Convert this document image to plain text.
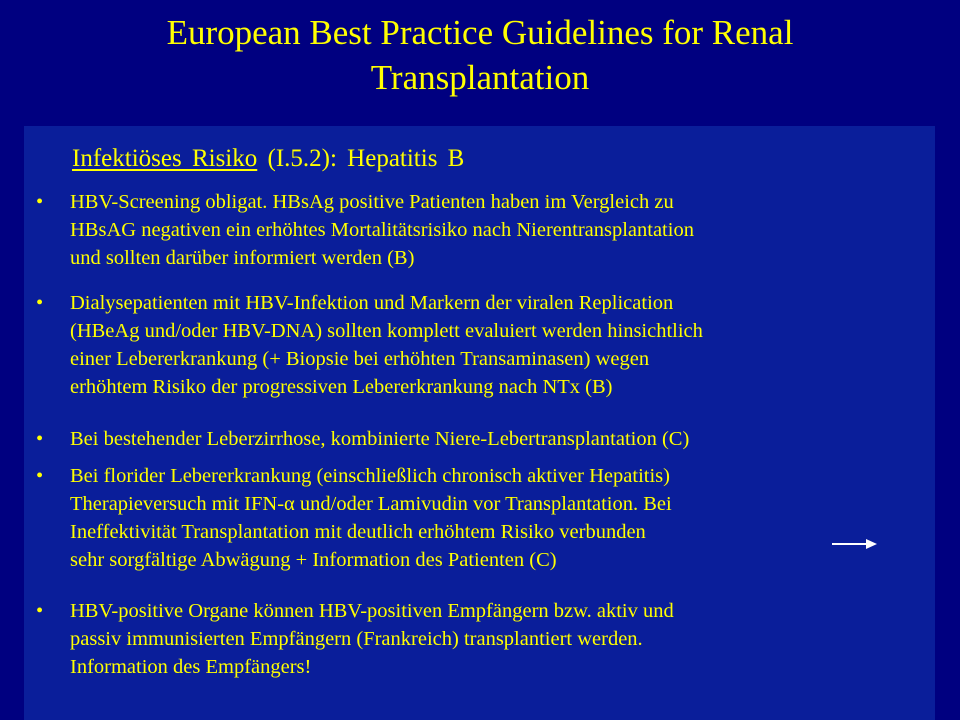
European Best Practice Guidelines for Renal
Transplantation
Infektiöses Risiko (I.5.2): Hepatitis B
• HBV-Screening obligat. HBsAg positive Patienten haben im Vergleich zu
HBsAG negativen ein erhöhtes Mortalitätsrisiko nach Nierentransplantation
und sollten darüber informiert werden (B)
• Dialysepatienten mit HBV-Infektion und Markern der viralen Replication
(HBeAg und/oder HBV-DNA) sollten komplett evaluiert werden hinsichtlich
einer Lebererkrankung (+ Biopsie bei erhöhten Transaminasen) wegen
erhöhtem Risiko der progressiven Lebererkrankung nach NTx (B)
• Bei bestehender Leberzirrhose, kombinierte Niere-Lebertransplantation (C)
• Bei florider Lebererkrankung (einschließlich chronisch aktiver Hepatitis)
Therapieversuch mit IFN-α und/oder Lamivudin vor Transplantation. Bei
Ineffektivität Transplantation mit deutlich erhöhtem Risiko verbunden
sehr sorgfältige Abwägung + Information des Patienten (C)
• HBV-positive Organe können HBV-positiven Empfängern bzw. aktiv und
passiv immunisierten Empfängern (Frankreich) transplantiert werden.
Information des Empfängers!
